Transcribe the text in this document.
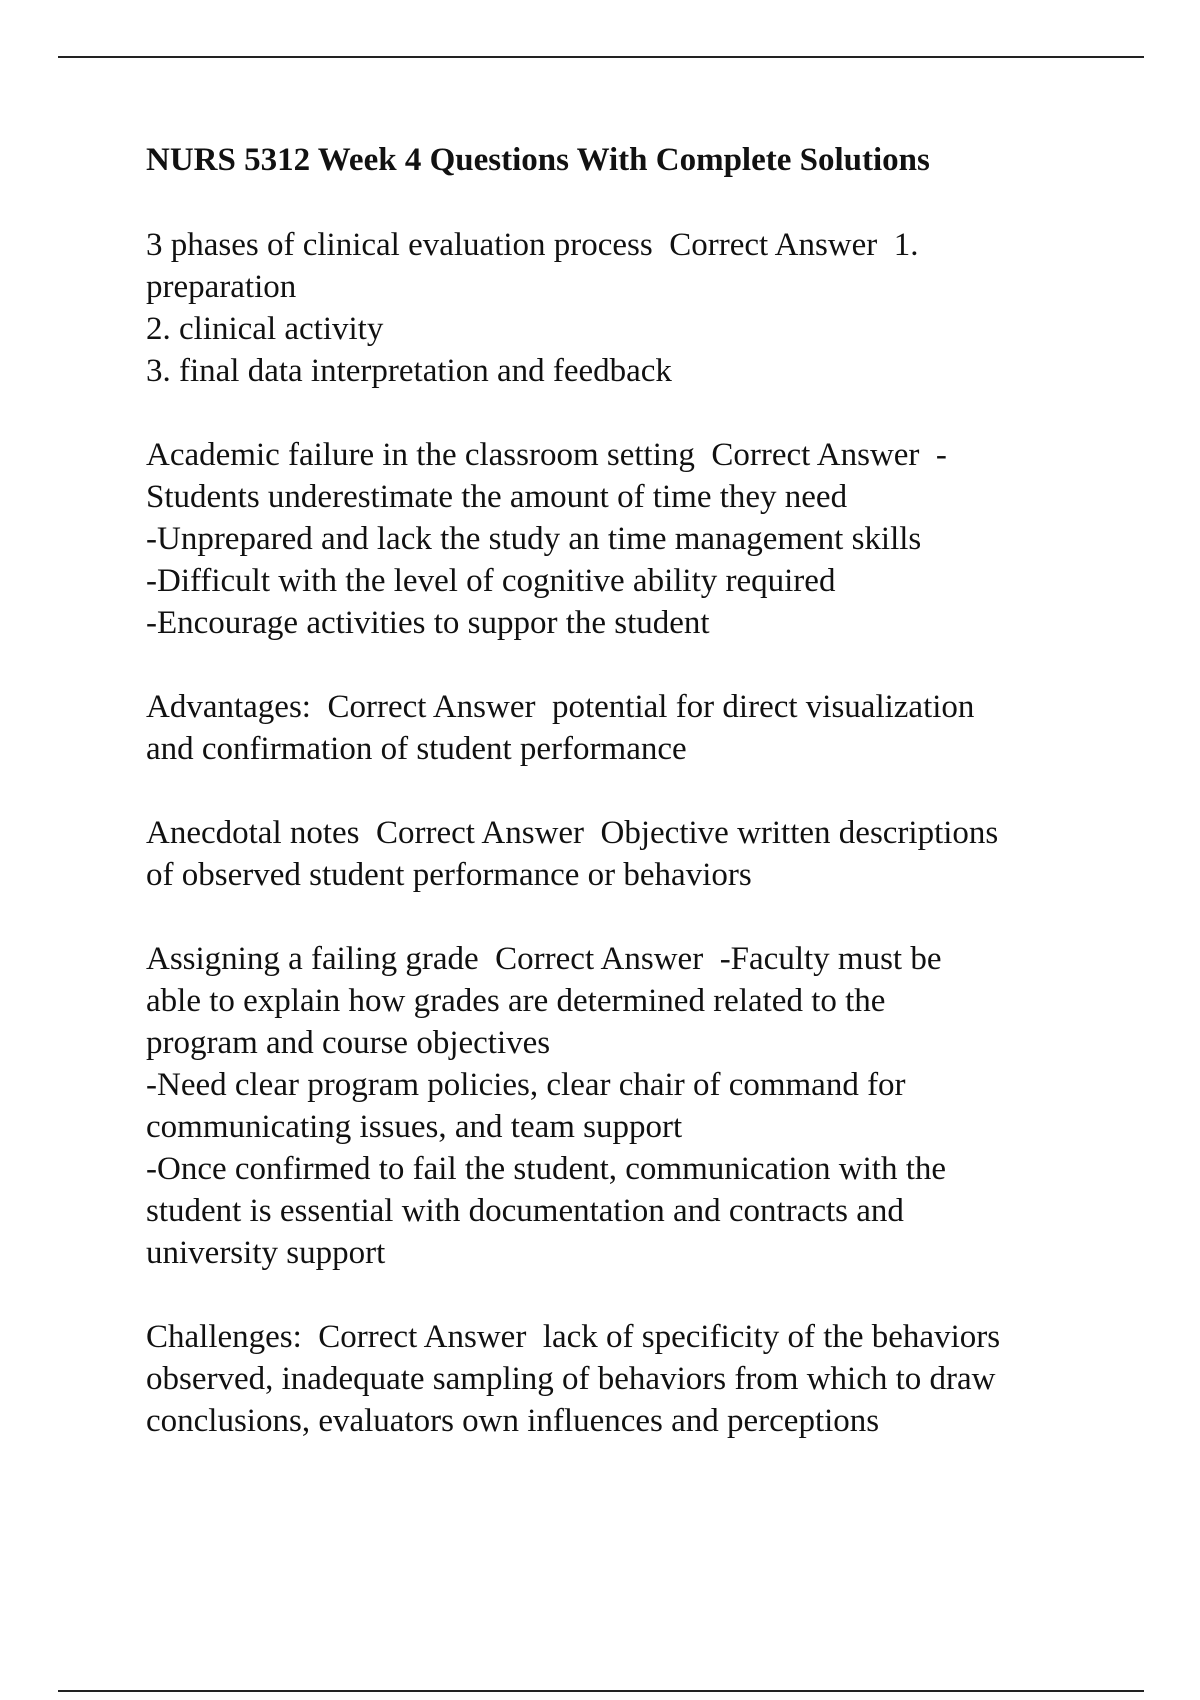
NURS 5312 Week 4 Questions With Complete Solutions
3 phases of clinical evaluation process  Correct Answer  1.
preparation
2. clinical activity
3. final data interpretation and feedback
Academic failure in the classroom setting  Correct Answer  -
Students underestimate the amount of time they need
-Unprepared and lack the study an time management skills
-Difficult with the level of cognitive ability required
-Encourage activities to suppor the student
Advantages:  Correct Answer  potential for direct visualization
and confirmation of student performance
Anecdotal notes  Correct Answer  Objective written descriptions
of observed student performance or behaviors
Assigning a failing grade  Correct Answer  -Faculty must be
able to explain how grades are determined related to the
program and course objectives
-Need clear program policies, clear chair of command for
communicating issues, and team support
-Once confirmed to fail the student, communication with the
student is essential with documentation and contracts and
university support
Challenges:  Correct Answer  lack of specificity of the behaviors
observed, inadequate sampling of behaviors from which to draw
conclusions, evaluators own influences and perceptions
